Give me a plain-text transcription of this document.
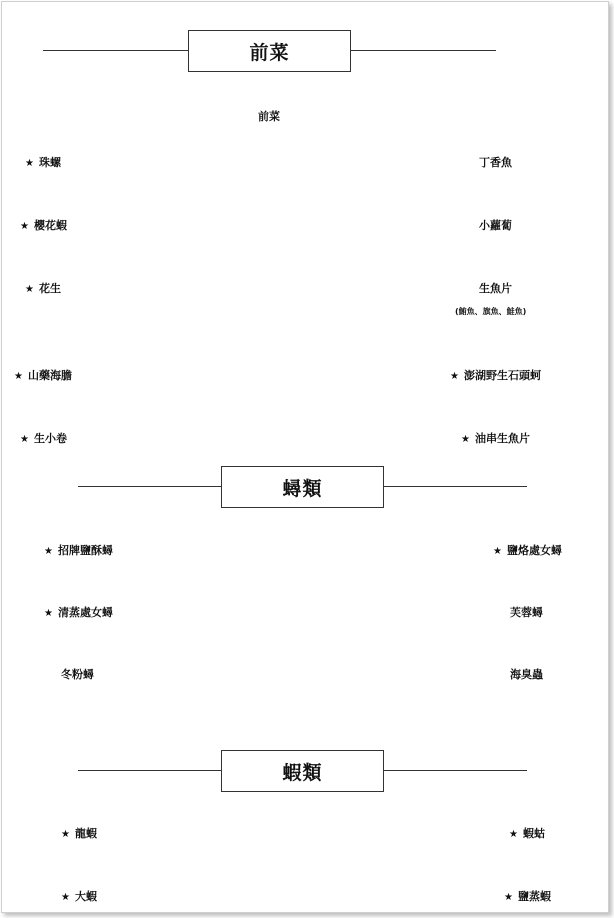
前菜
前菜
★ 珠螺
★ 櫻花蝦
★ 花生
★ 山藥海膽
★ 生小卷
丁香魚
小蘿蔔
生魚片
(鮪魚、旗魚、鮭魚)
★ 澎湖野生石頭蚵
★ 油串生魚片
蟳類
★ 招牌鹽酥蟳
★ 清蒸處女蟳
冬粉蟳
★ 鹽烙處女蟳
芙蓉蟳
海臭蟲
蝦類
★ 龍蝦
★ 大蝦
★ 蝦蛄
★ 鹽蒸蝦
